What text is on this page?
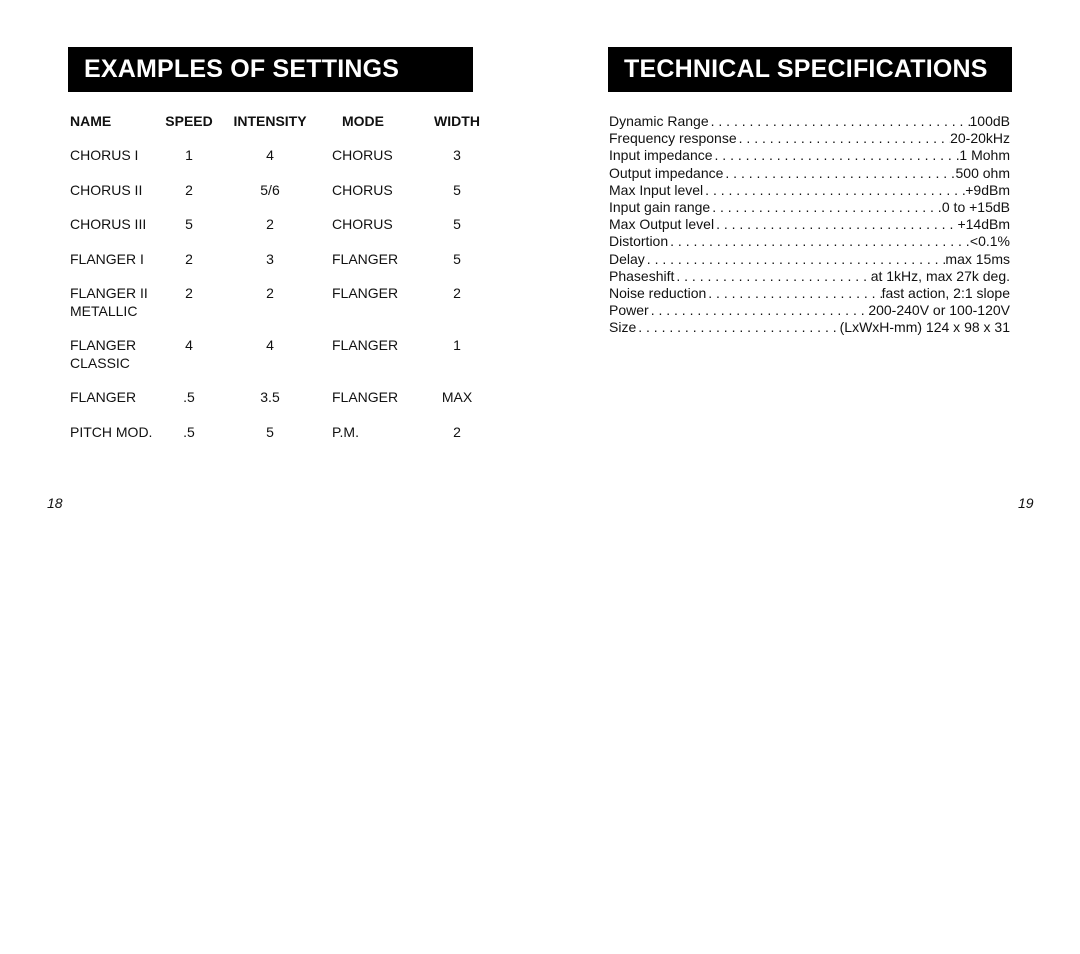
EXAMPLES OF SETTINGS
NAME	SPEED	INTENSITY	MODE	WIDTH
CHORUS I	1	4	CHORUS	3
CHORUS II	2	5/6	CHORUS	5
CHORUS III	5	2	CHORUS	5
FLANGER I	2	3	FLANGER	5
FLANGER II METALLIC	2	2	FLANGER	2
FLANGER CLASSIC	4	4	FLANGER	1
FLANGER	.5	3.5	FLANGER	MAX
PITCH MOD.	.5	5	P.M.	2
18
TECHNICAL SPECIFICATIONS
Dynamic Range . . .	100dB
Frequency response . . .	20-20kHz
Input impedance . . .	1 Mohm
Output impedance . . .	500 ohm
Max Input level . . .	+9dBm
Input gain range . . .	0 to +15dB
Max Output level . . .	+14dBm
Distortion . . .	<0.1%
Delay . . .	max 15ms
Phaseshift . . .	at 1kHz, max 27k deg.
Noise reduction . . .	fast action, 2:1 slope
Power . . .	200-240V or 100-120V
Size . . .	(LxWxH-mm) 124 x 98 x 31
19
